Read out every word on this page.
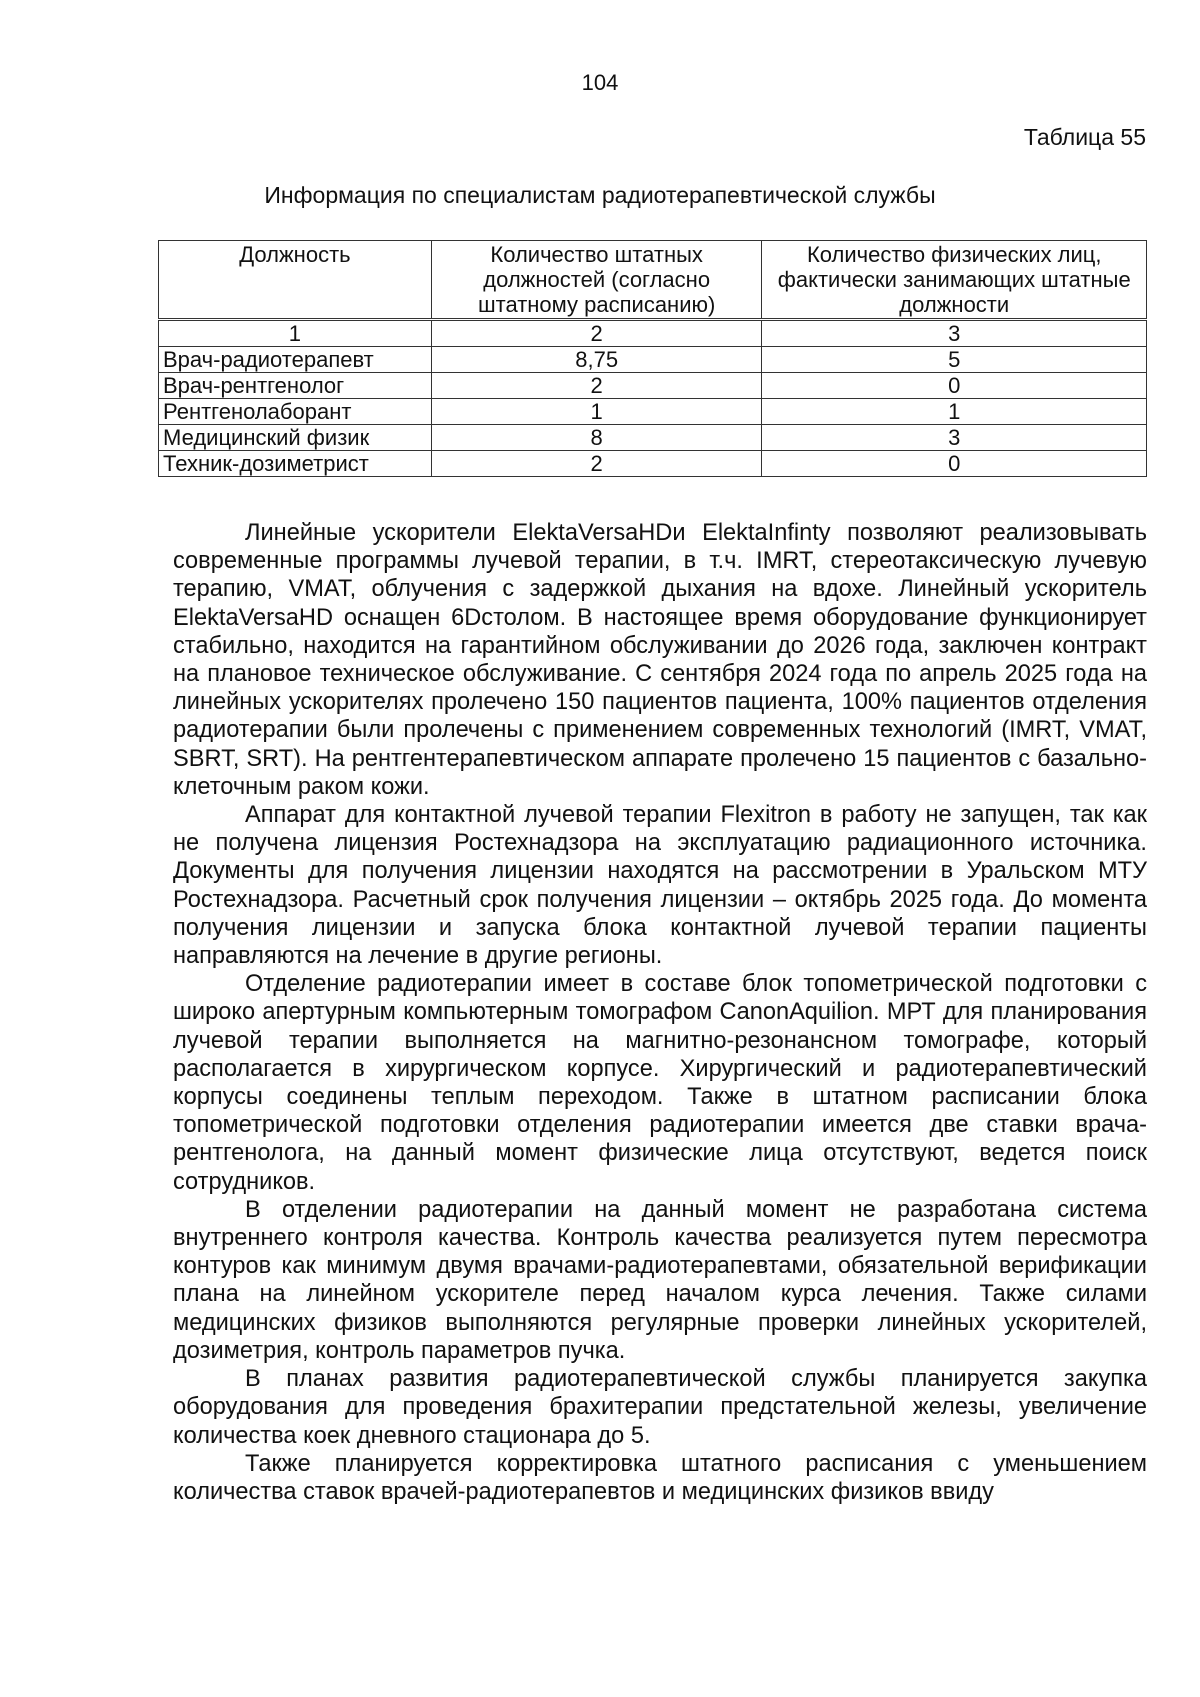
104
Таблица 55
Информация по специалистам радиотерапевтической службы
Должность	Количество штатных должностей (согласно штатному расписанию)	Количество физических лиц, фактически занимающих штатные должности
1	2	3
Врач-радиотерапевт	8,75	5
Врач-рентгенолог	2	0
Рентгенолаборант	1	1
Медицинский физик	8	3
Техник-дозиметрист	2	0

Линейные ускорители ElektaVersaHDи ElektaInfinty позволяют реализовывать современные программы лучевой терапии, в т.ч. IMRT, стереотаксическую лучевую терапию, VMAT, облучения с задержкой дыхания на вдохе. Линейный ускоритель ElektaVersaHD оснащен 6Dстолом. В настоящее время оборудование функционирует стабильно, находится на гарантийном обслуживании до 2026 года, заключен контракт на плановое техническое обслуживание. С сентября 2024 года по апрель 2025 года на линейных ускорителях пролечено 150 пациентов пациента, 100% пациентов отделения радиотерапии были пролечены с применением современных технологий (IMRT, VMAT, SBRT, SRT). На рентгентерапевтическом аппарате пролечено 15 пациентов с базально-клеточным раком кожи.

Аппарат для контактной лучевой терапии Flexitron в работу не запущен, так как не получена лицензия Ростехнадзора на эксплуатацию радиационного источника. Документы для получения лицензии находятся на рассмотрении в Уральском МТУ Ростехнадзора. Расчетный срок получения лицензии – октябрь 2025 года. До момента получения лицензии и запуска блока контактной лучевой терапии пациенты направляются на лечение в другие регионы.

Отделение радиотерапии имеет в составе блок топометрической подготовки с широко апертурным компьютерным томографом CanonAquilion. МРТ для планирования лучевой терапии выполняется на магнитно-резонансном томографе, который располагается в хирургическом корпусе. Хирургический и радиотерапевтический корпусы соединены теплым переходом. Также в штатном расписании блока топометрической подготовки отделения радиотерапии имеется две ставки врача-рентгенолога, на данный момент физические лица отсутствуют, ведется поиск сотрудников.

В отделении радиотерапии на данный момент не разработана система внутреннего контроля качества. Контроль качества реализуется путем пересмотра контуров как минимум двумя врачами-радиотерапевтами, обязательной верификации плана на линейном ускорителе перед началом курса лечения. Также силами медицинских физиков выполняются регулярные проверки линейных ускорителей, дозиметрия, контроль параметров пучка.

В планах развития радиотерапевтической службы планируется закупка оборудования для проведения брахитерапии предстательной железы, увеличение количества коек дневного стационара до 5.

Также планируется корректировка штатного расписания с уменьшением количества ставок врачей-радиотерапевтов и медицинских физиков ввиду
